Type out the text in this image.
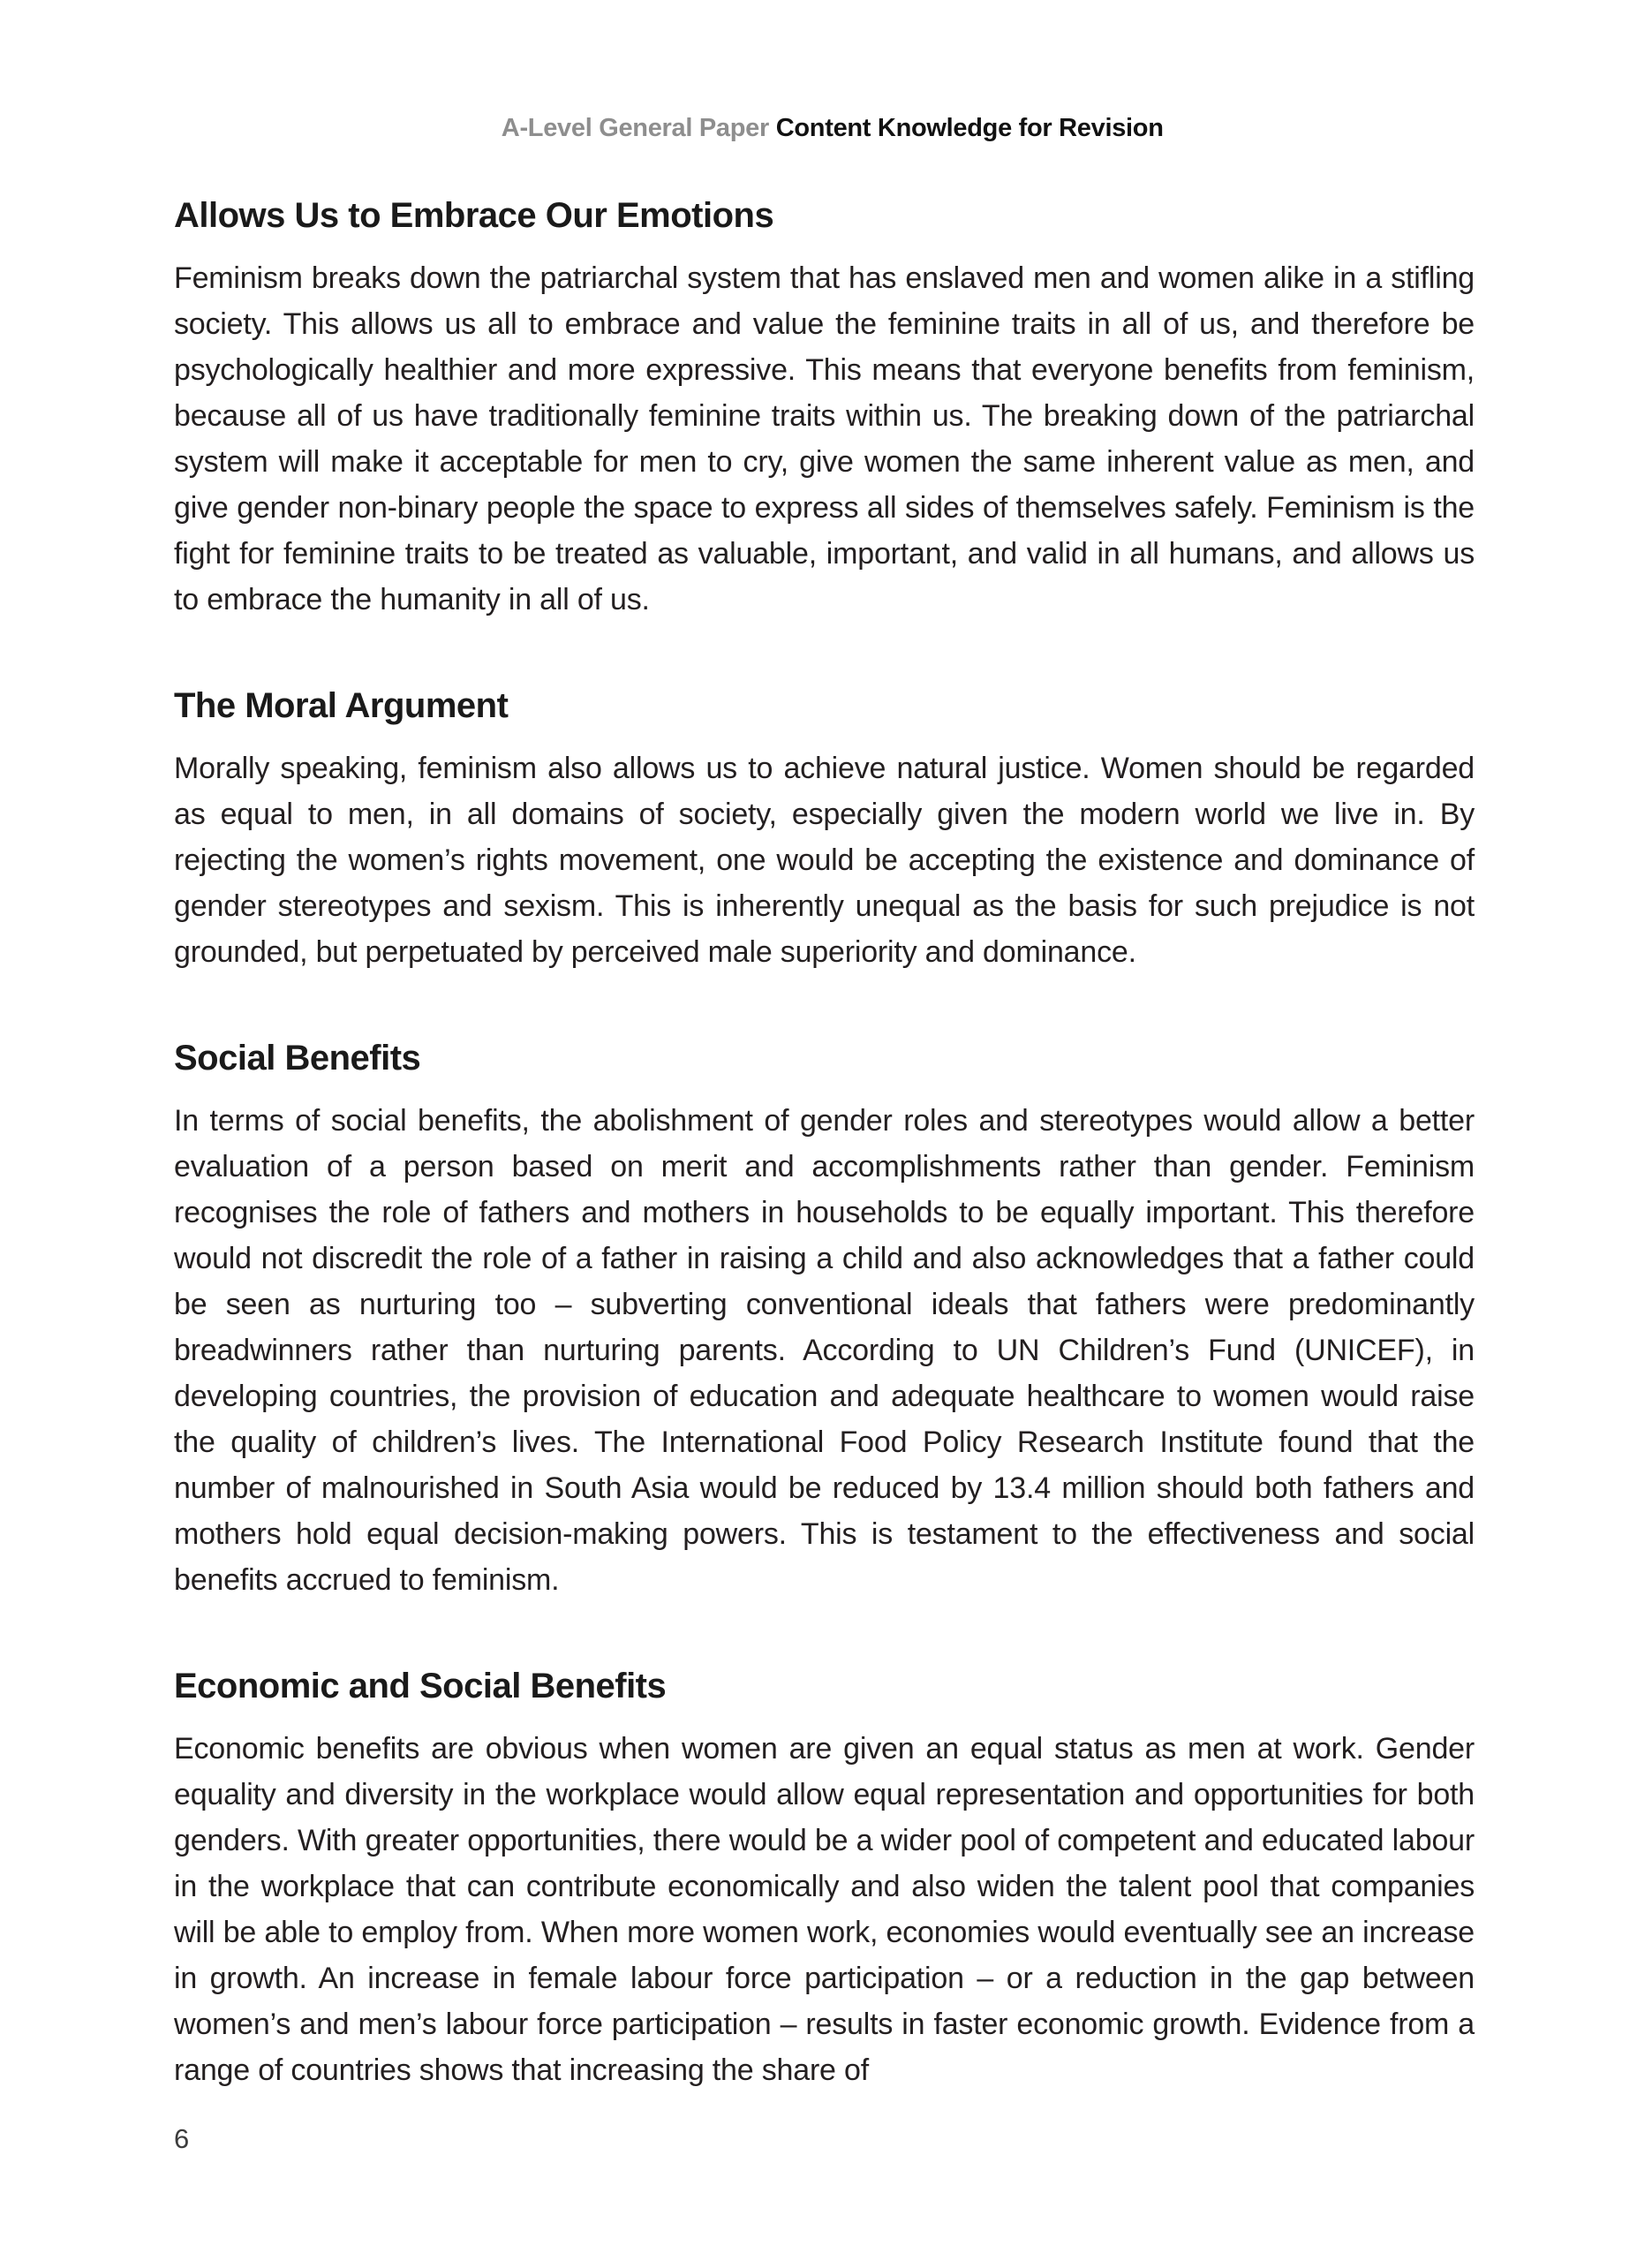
A-Level General Paper Content Knowledge for Revision

Allows Us to Embrace Our Emotions

Feminism breaks down the patriarchal system that has enslaved men and women alike in a stifling society. This allows us all to embrace and value the feminine traits in all of us, and therefore be psychologically healthier and more expressive. This means that everyone benefits from feminism, because all of us have traditionally feminine traits within us. The breaking down of the patriarchal system will make it acceptable for men to cry, give women the same inherent value as men, and give gender non-binary people the space to express all sides of themselves safely. Feminism is the fight for feminine traits to be treated as valuable, important, and valid in all humans, and allows us to embrace the humanity in all of us.

The Moral Argument

Morally speaking, feminism also allows us to achieve natural justice. Women should be regarded as equal to men, in all domains of society, especially given the modern world we live in. By rejecting the women’s rights movement, one would be accepting the existence and dominance of gender stereotypes and sexism. This is inherently unequal as the basis for such prejudice is not grounded, but perpetuated by perceived male superiority and dominance.

Social Benefits

In terms of social benefits, the abolishment of gender roles and stereotypes would allow a better evaluation of a person based on merit and accomplishments rather than gender. Feminism recognises the role of fathers and mothers in households to be equally important. This therefore would not discredit the role of a father in raising a child and also acknowledges that a father could be seen as nurturing too – subverting conventional ideals that fathers were predominantly breadwinners rather than nurturing parents. According to UN Children’s Fund (UNICEF), in developing countries, the provision of education and adequate healthcare to women would raise the quality of children’s lives. The International Food Policy Research Institute found that the number of malnourished in South Asia would be reduced by 13.4 million should both fathers and mothers hold equal decision-making powers. This is testament to the effectiveness and social benefits accrued to feminism.

Economic and Social Benefits

Economic benefits are obvious when women are given an equal status as men at work. Gender equality and diversity in the workplace would allow equal representation and opportunities for both genders. With greater opportunities, there would be a wider pool of competent and educated labour in the workplace that can contribute economically and also widen the talent pool that companies will be able to employ from. When more women work, economies would eventually see an increase in growth. An increase in female labour force participation – or a reduction in the gap between women’s and men’s labour force participation – results in faster economic growth. Evidence from a range of countries shows that increasing the share of

6
